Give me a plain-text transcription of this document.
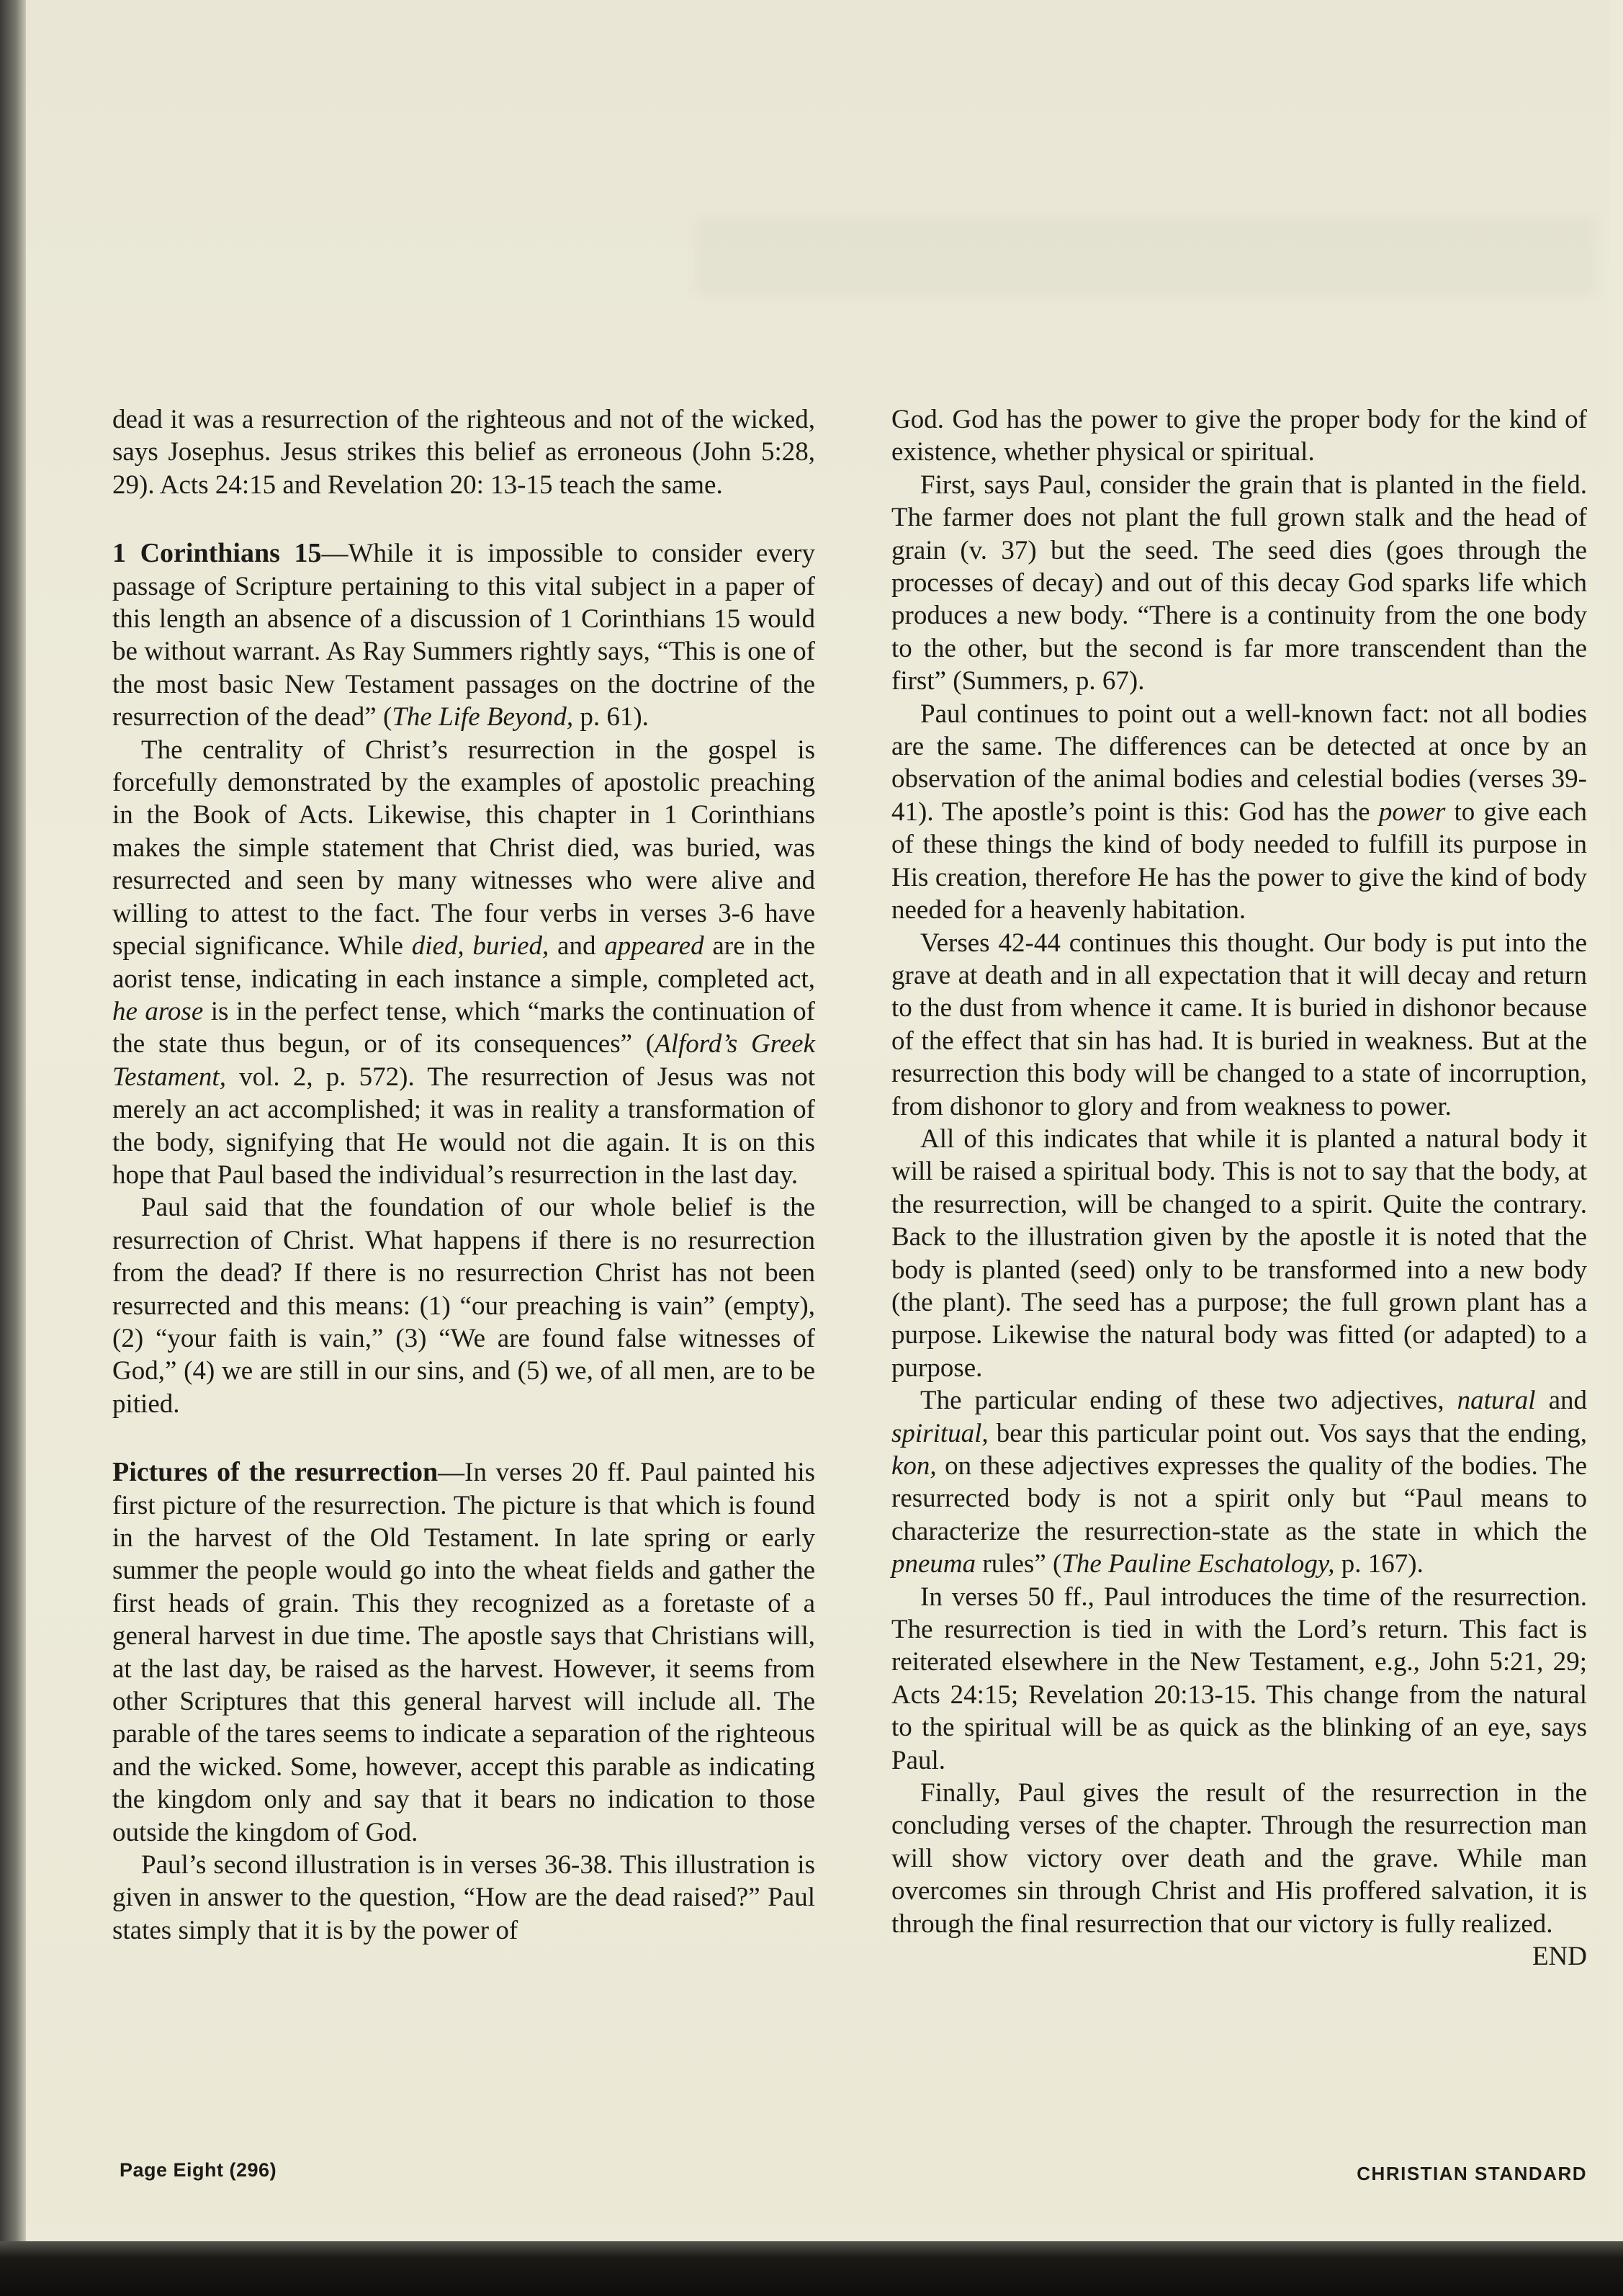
dead it was a resurrection of the righteous and not of the wicked, says Josephus. Jesus strikes this belief as erroneous (John 5:28, 29). Acts 24:15 and Revelation 20: 13-15 teach the same.

1 Corinthians 15—While it is impossible to consider every passage of Scripture pertaining to this vital subject in a paper of this length an absence of a discussion of 1 Corinthians 15 would be without warrant. As Ray Summers rightly says, “This is one of the most basic New Testament passages on the doctrine of the resurrection of the dead” (The Life Beyond, p. 61).

The centrality of Christ’s resurrection in the gospel is forcefully demonstrated by the examples of apostolic preaching in the Book of Acts. Likewise, this chapter in 1 Corinthians makes the simple statement that Christ died, was buried, was resurrected and seen by many witnesses who were alive and willing to attest to the fact. The four verbs in verses 3-6 have special significance. While died, buried, and appeared are in the aorist tense, indicating in each instance a simple, completed act, he arose is in the perfect tense, which “marks the continuation of the state thus begun, or of its consequences” (Alford’s Greek Testament, vol. 2, p. 572). The resurrection of Jesus was not merely an act accomplished; it was in reality a transformation of the body, signifying that He would not die again. It is on this hope that Paul based the individual’s resurrection in the last day.

Paul said that the foundation of our whole belief is the resurrection of Christ. What happens if there is no resurrection from the dead? If there is no resurrection Christ has not been resurrected and this means: (1) “our preaching is vain” (empty), (2) “your faith is vain,” (3) “We are found false witnesses of God,” (4) we are still in our sins, and (5) we, of all men, are to be pitied.

Pictures of the resurrection—In verses 20 ff. Paul painted his first picture of the resurrection. The picture is that which is found in the harvest of the Old Testament. In late spring or early summer the people would go into the wheat fields and gather the first heads of grain. This they recognized as a foretaste of a general harvest in due time. The apostle says that Christians will, at the last day, be raised as the harvest. However, it seems from other Scriptures that this general harvest will include all. The parable of the tares seems to indicate a separation of the righteous and the wicked. Some, however, accept this parable as indicating the kingdom only and say that it bears no indication to those outside the kingdom of God.

Paul’s second illustration is in verses 36-38. This illustration is given in answer to the question, “How are the dead raised?” Paul states simply that it is by the power of

God. God has the power to give the proper body for the kind of existence, whether physical or spiritual.

First, says Paul, consider the grain that is planted in the field. The farmer does not plant the full grown stalk and the head of grain (v. 37) but the seed. The seed dies (goes through the processes of decay) and out of this decay God sparks life which produces a new body. “There is a continuity from the one body to the other, but the second is far more transcendent than the first” (Summers, p. 67).

Paul continues to point out a well-known fact: not all bodies are the same. The differences can be detected at once by an observation of the animal bodies and celestial bodies (verses 39-41). The apostle’s point is this: God has the power to give each of these things the kind of body needed to fulfill its purpose in His creation, therefore He has the power to give the kind of body needed for a heavenly habitation.

Verses 42-44 continues this thought. Our body is put into the grave at death and in all expectation that it will decay and return to the dust from whence it came. It is buried in dishonor because of the effect that sin has had. It is buried in weakness. But at the resurrection this body will be changed to a state of incorruption, from dishonor to glory and from weakness to power.

All of this indicates that while it is planted a natural body it will be raised a spiritual body. This is not to say that the body, at the resurrection, will be changed to a spirit. Quite the contrary. Back to the illustration given by the apostle it is noted that the body is planted (seed) only to be transformed into a new body (the plant). The seed has a purpose; the full grown plant has a purpose. Likewise the natural body was fitted (or adapted) to a purpose.

The particular ending of these two adjectives, natural and spiritual, bear this particular point out. Vos says that the ending, kon, on these adjectives expresses the quality of the bodies. The resurrected body is not a spirit only but “Paul means to characterize the resurrection-state as the state in which the pneuma rules” (The Pauline Eschatology, p. 167).

In verses 50 ff., Paul introduces the time of the resurrection. The resurrection is tied in with the Lord’s return. This fact is reiterated elsewhere in the New Testament, e.g., John 5:21, 29; Acts 24:15; Revelation 20:13-15. This change from the natural to the spiritual will be as quick as the blinking of an eye, says Paul.

Finally, Paul gives the result of the resurrection in the concluding verses of the chapter. Through the resurrection man will show victory over death and the grave. While man overcomes sin through Christ and His proffered salvation, it is through the final resurrection that our victory is fully realized.
END

Page Eight (296)	CHRISTIAN STANDARD
